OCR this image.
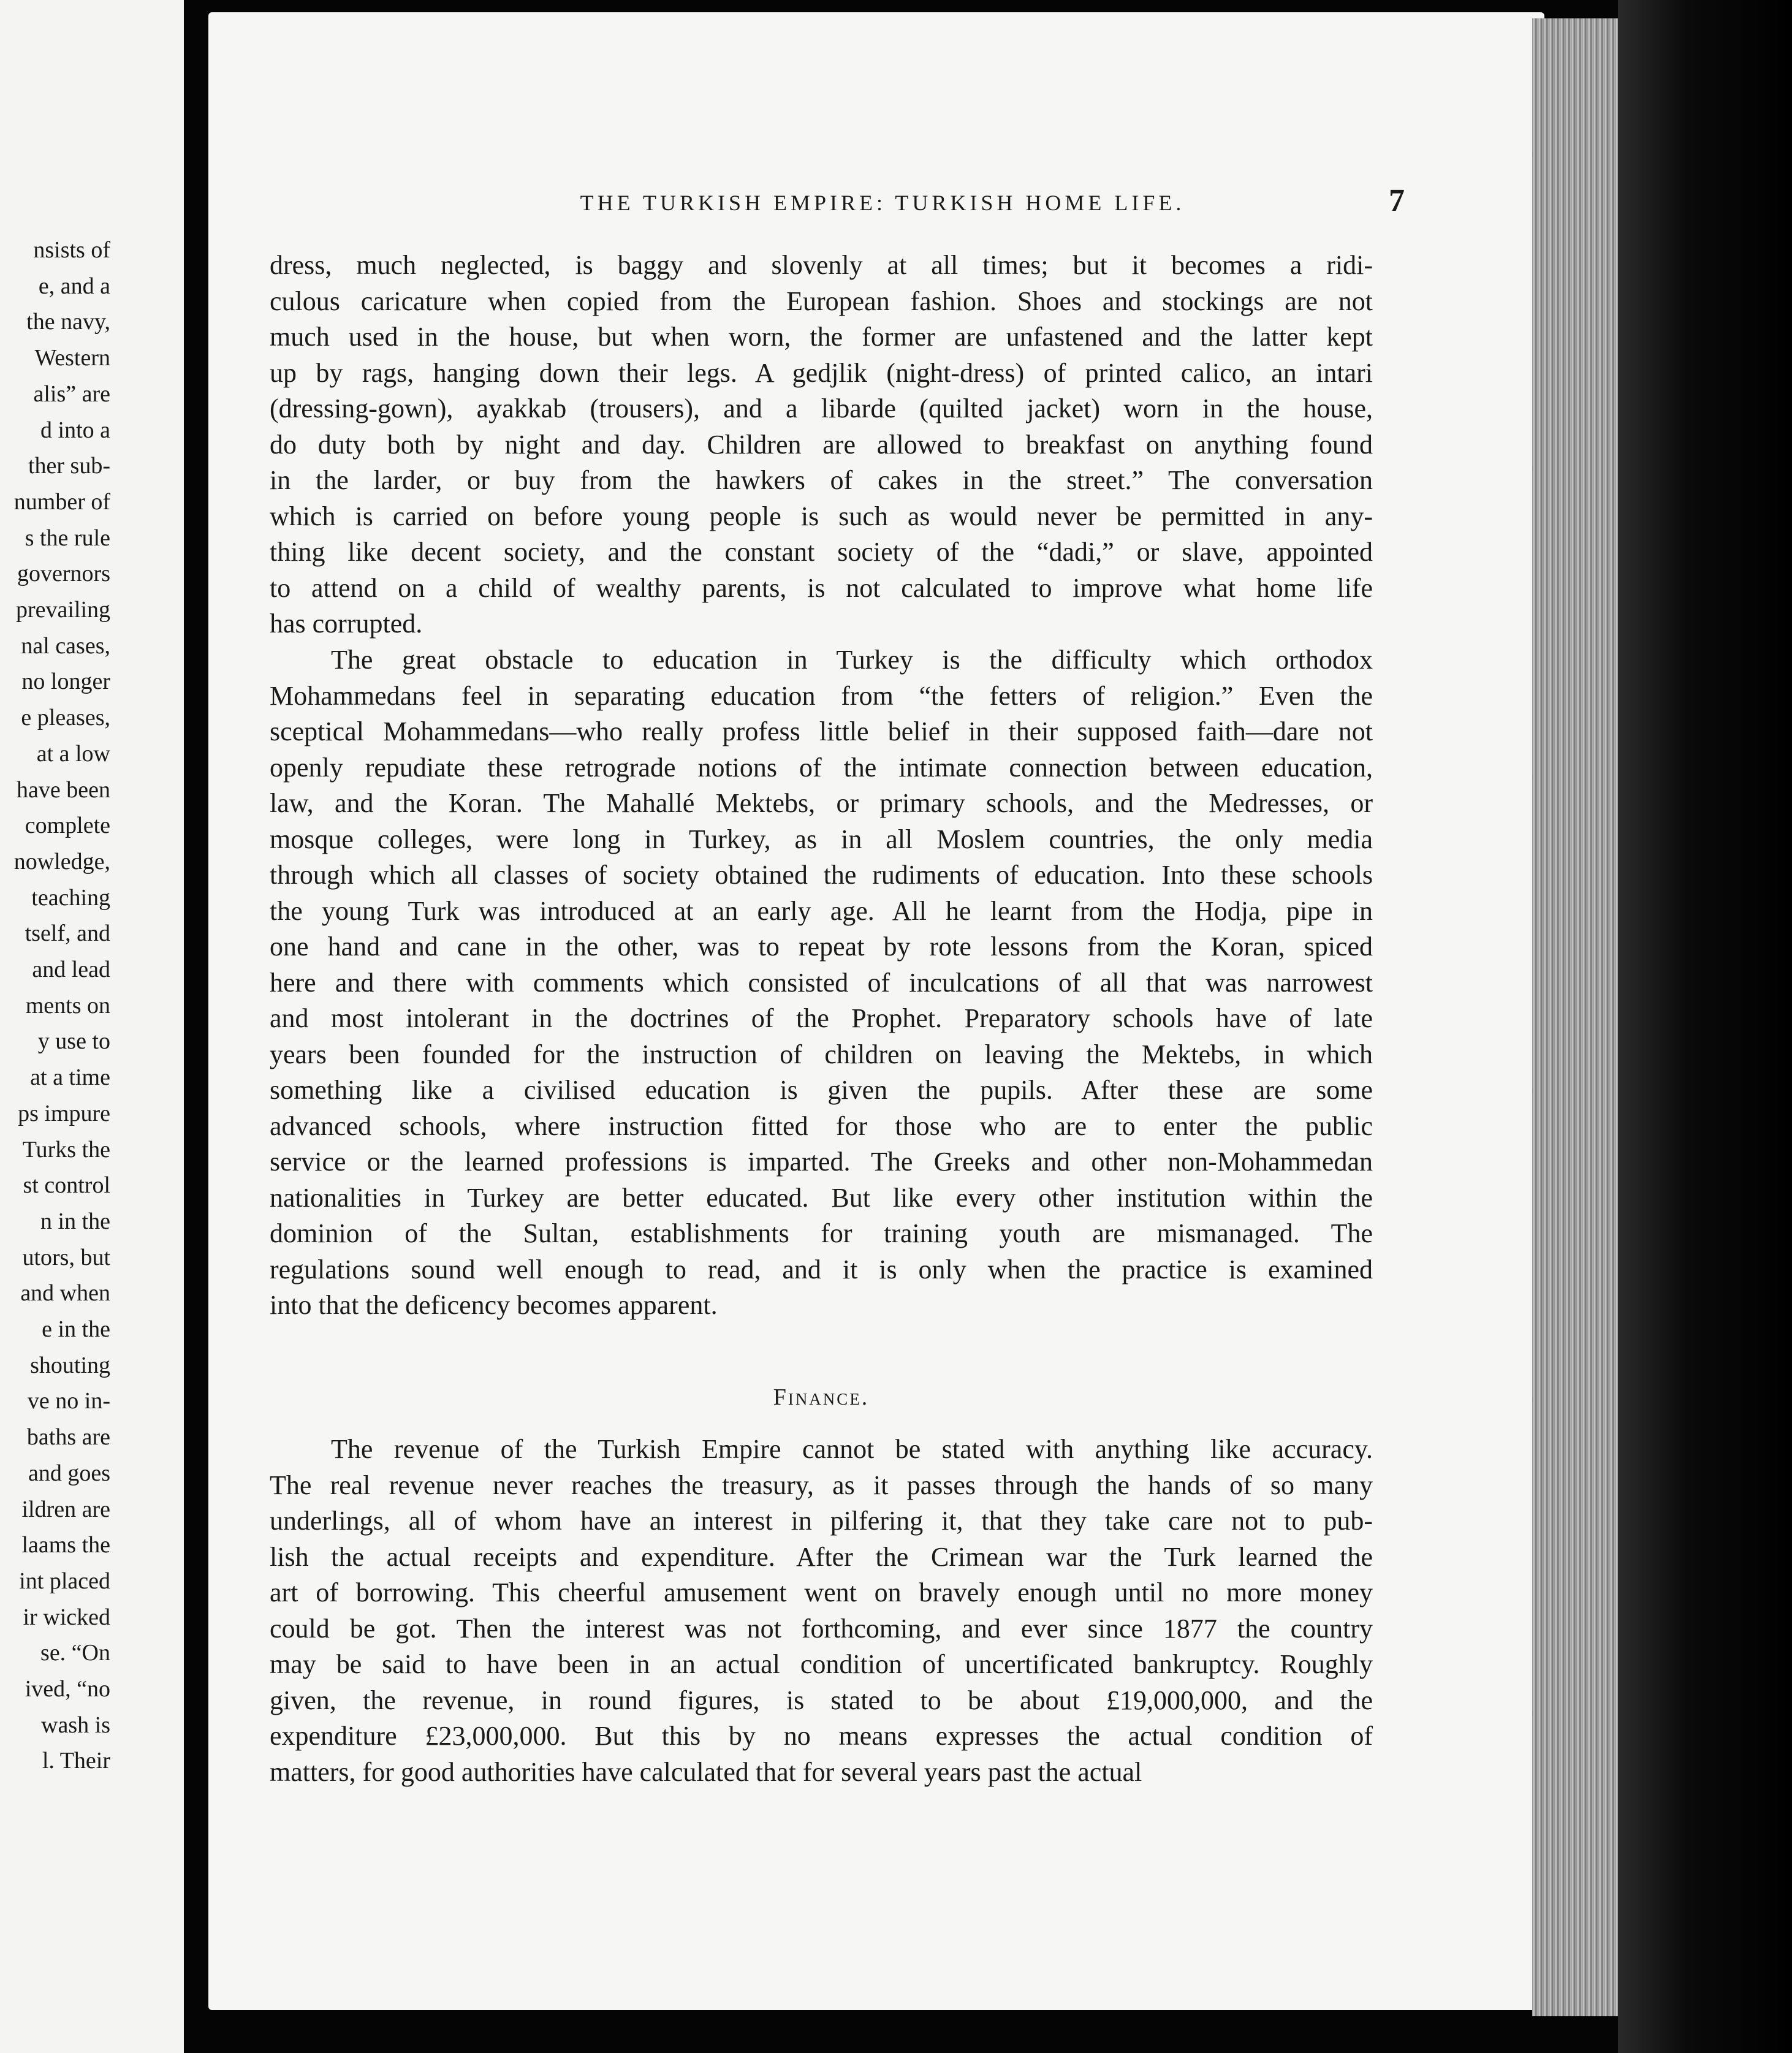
nsists of
e, and a
the navy,
Western
alis” are
d into a
ther sub-
number of
s the rule
governors
prevailing
nal cases,
no longer
e pleases,
at a low
have been
complete
nowledge,
teaching
tself, and
and lead
ments on
y use to
at a time
ps impure
Turks the
st control
n in the
utors, but
and when
e in the
shouting
ve no in-
baths are
and goes
ildren are
laams the
int placed
ir wicked
se. “On
ived, “no
wash is
l. Their
THE TURKISH EMPIRE: TURKISH HOME LIFE.	7
dress, much neglected, is baggy and slovenly at all times; but it becomes a ridi-
culous caricature when copied from the European fashion. Shoes and stockings are not
much used in the house, but when worn, the former are unfastened and the latter kept
up by rags, hanging down their legs. A gedjlik (night-dress) of printed calico, an intari
(dressing-gown), ayakkab (trousers), and a libarde (quilted jacket) worn in the house,
do duty both by night and day. Children are allowed to breakfast on anything found
in the larder, or buy from the hawkers of cakes in the street.” The conversation
which is carried on before young people is such as would never be permitted in any-
thing like decent society, and the constant society of the “dadi,” or slave, appointed
to attend on a child of wealthy parents, is not calculated to improve what home life
has corrupted.
The great obstacle to education in Turkey is the difficulty which orthodox
Mohammedans feel in separating education from “the fetters of religion.” Even the
sceptical Mohammedans—who really profess little belief in their supposed faith—dare not
openly repudiate these retrograde notions of the intimate connection between education,
law, and the Koran. The Mahallé Mektebs, or primary schools, and the Medresses, or
mosque colleges, were long in Turkey, as in all Moslem countries, the only media
through which all classes of society obtained the rudiments of education. Into these schools
the young Turk was introduced at an early age. All he learnt from the Hodja, pipe in
one hand and cane in the other, was to repeat by rote lessons from the Koran, spiced
here and there with comments which consisted of inculcations of all that was narrowest
and most intolerant in the doctrines of the Prophet. Preparatory schools have of late
years been founded for the instruction of children on leaving the Mektebs, in which
something like a civilised education is given the pupils. After these are some
advanced schools, where instruction fitted for those who are to enter the public
service or the learned professions is imparted. The Greeks and other non-Mohammedan
nationalities in Turkey are better educated. But like every other institution within the
dominion of the Sultan, establishments for training youth are mismanaged. The
regulations sound well enough to read, and it is only when the practice is examined
into that the deficency becomes apparent.
Finance.
The revenue of the Turkish Empire cannot be stated with anything like accuracy.
The real revenue never reaches the treasury, as it passes through the hands of so many
underlings, all of whom have an interest in pilfering it, that they take care not to pub-
lish the actual receipts and expenditure. After the Crimean war the Turk learned the
art of borrowing. This cheerful amusement went on bravely enough until no more money
could be got. Then the interest was not forthcoming, and ever since 1877 the country
may be said to have been in an actual condition of uncertificated bankruptcy. Roughly
given, the revenue, in round figures, is stated to be about £19,000,000, and the
expenditure £23,000,000. But this by no means expresses the actual condition of
matters, for good authorities have calculated that for several years past the actual
